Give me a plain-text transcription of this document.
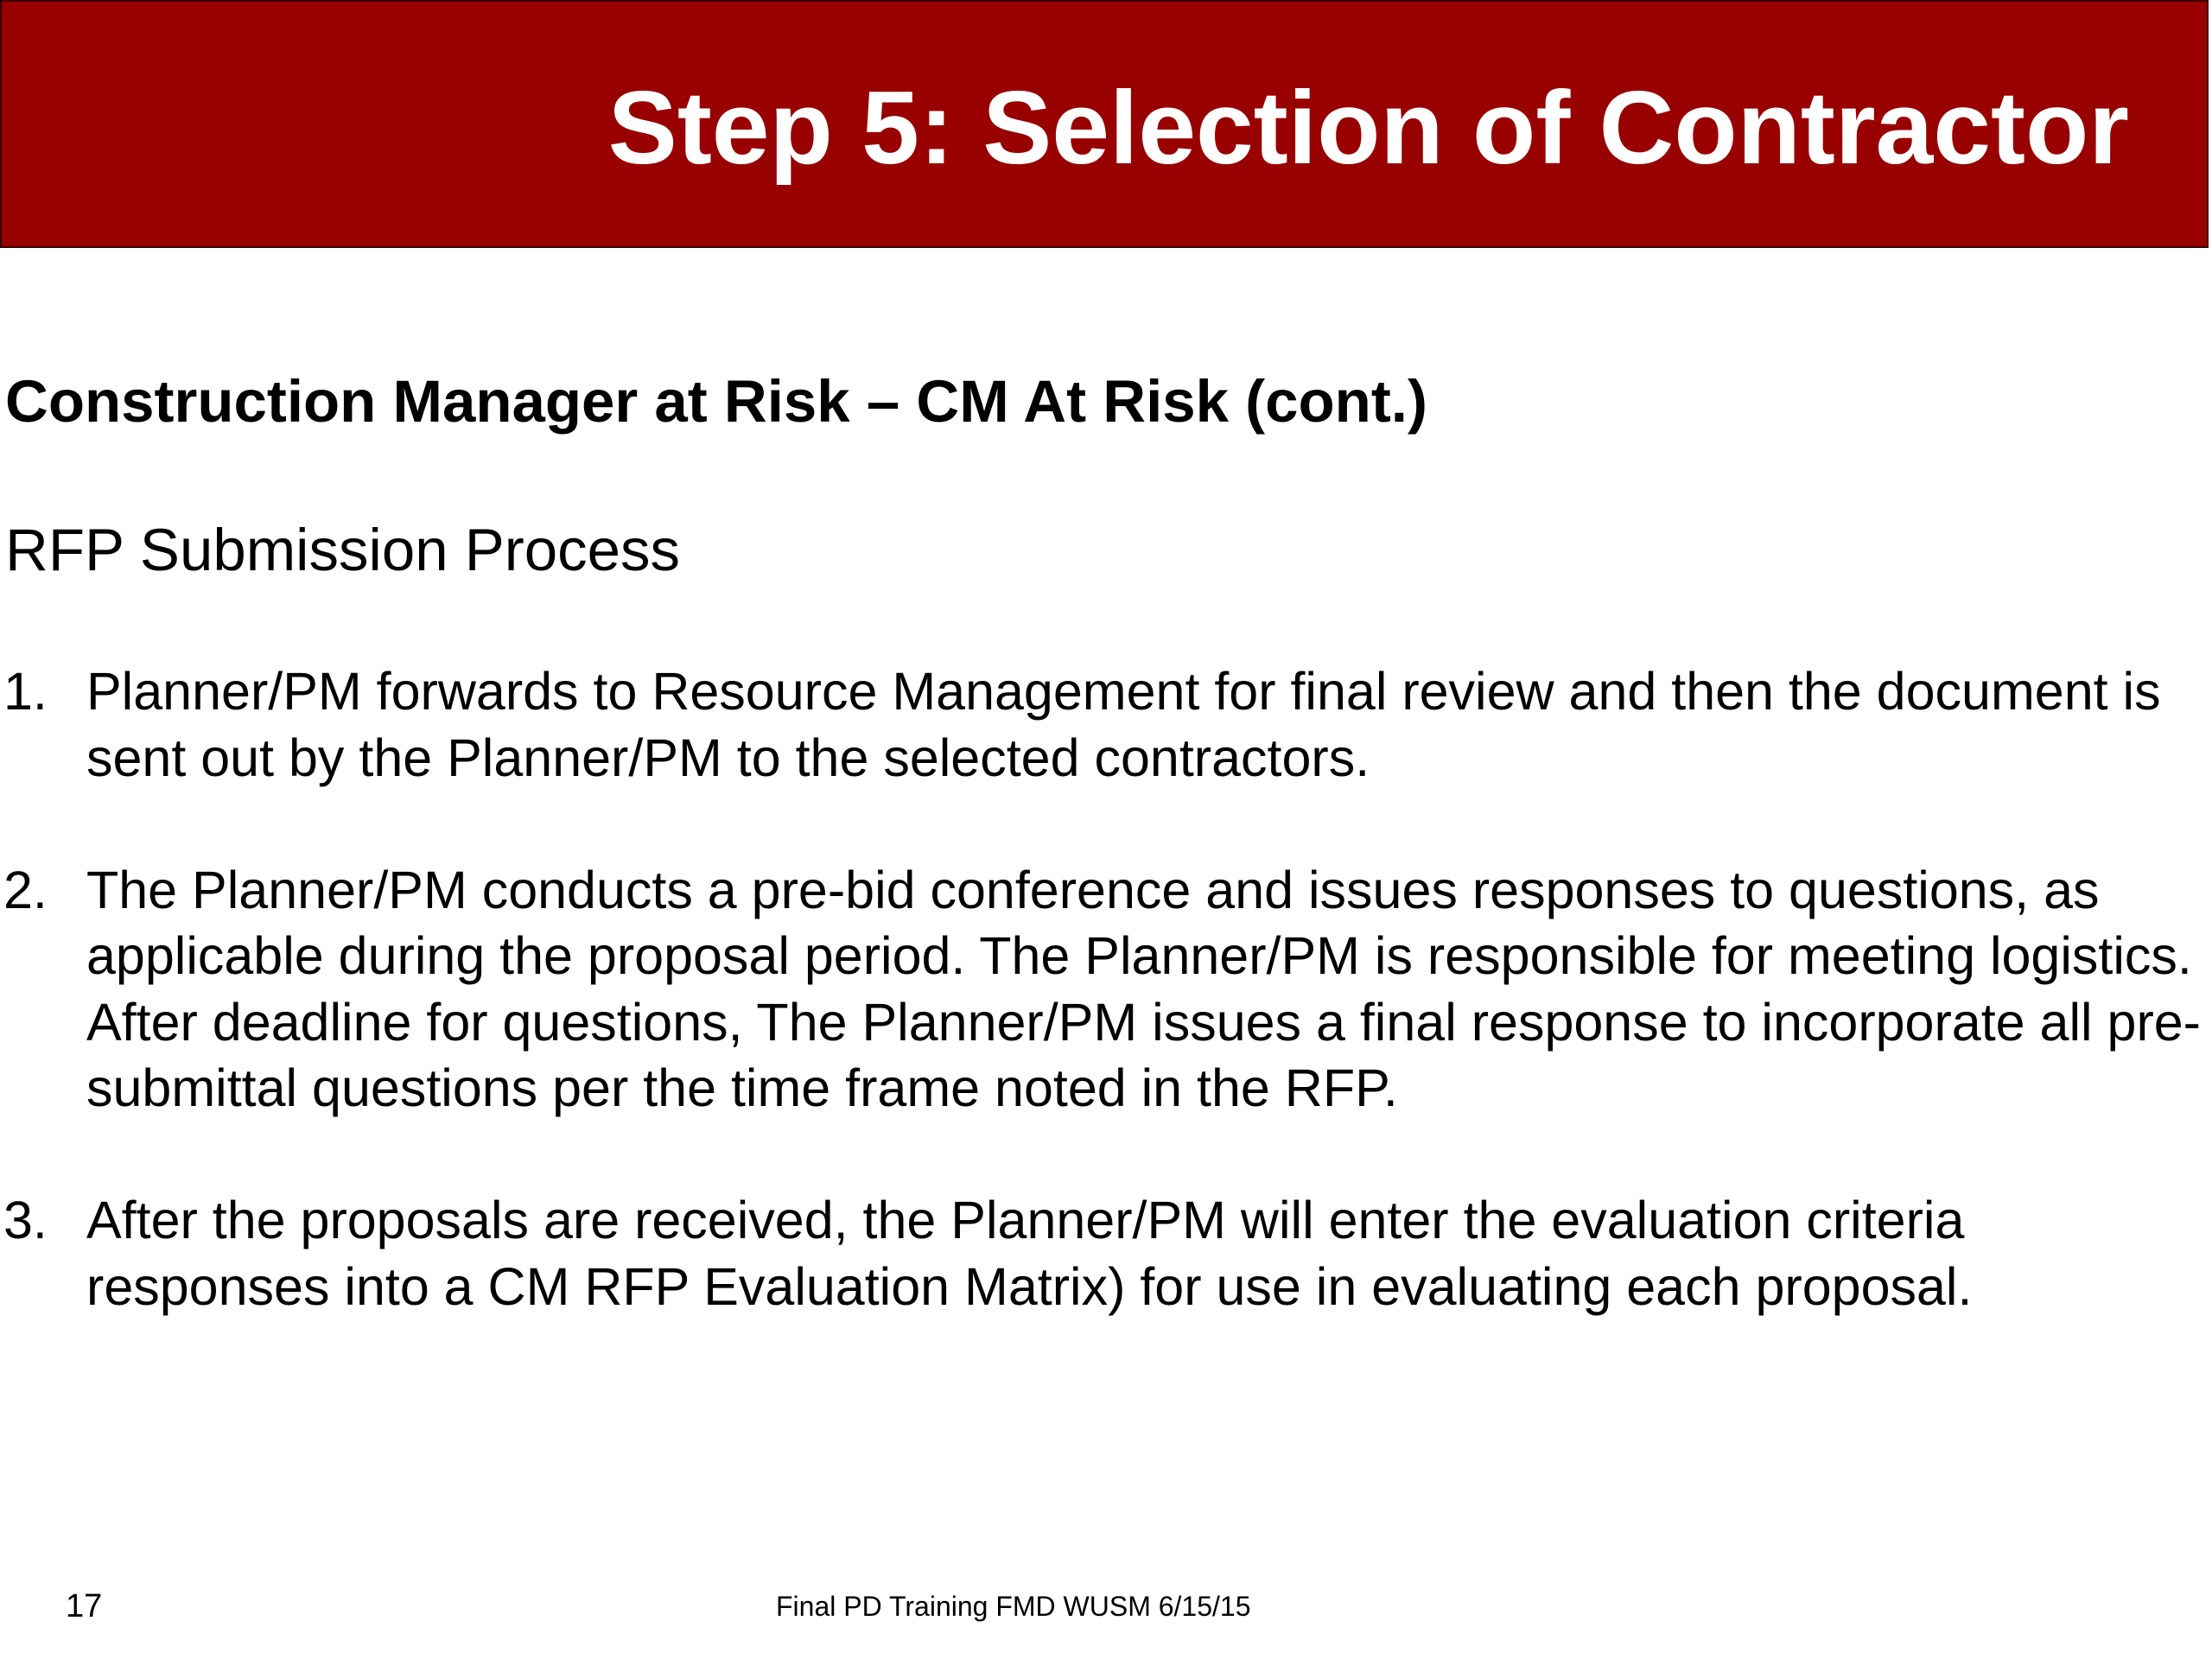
Step 5: Selection of Contractor
Construction Manager at Risk – CM At Risk (cont.)
RFP Submission Process
1. Planner/PM forwards to Resource Management for final review and then the document is sent out by the Planner/PM to the selected contractors.
2. The Planner/PM conducts a pre-bid conference and issues responses to questions, as applicable during the proposal period. The Planner/PM is responsible for meeting logistics. After deadline for questions, The Planner/PM issues a final response to incorporate all pre-submittal questions per the time frame noted in the RFP.
3. After the proposals are received, the Planner/PM will enter the evaluation criteria responses into a CM RFP Evaluation Matrix) for use in evaluating each proposal.
17	Final PD Training FMD WUSM 6/15/15
